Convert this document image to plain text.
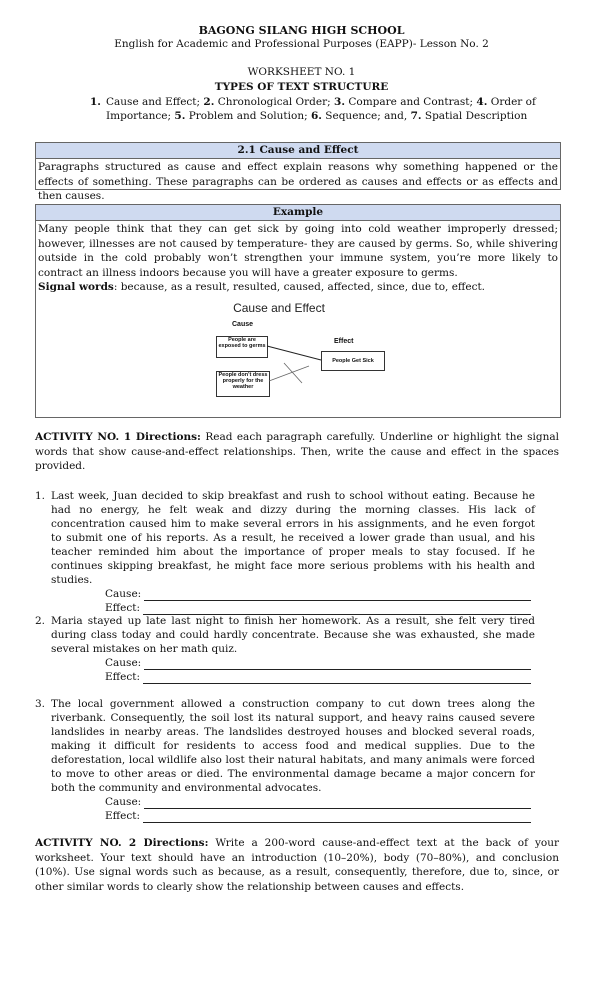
BAGONG SILANG HIGH SCHOOL
English for Academic and Professional Purposes (EAPP)- Lesson No. 2
WORKSHEET NO. 1
TYPES OF TEXT STRUCTURE
1. Cause and Effect; 2. Chronological Order; 3. Compare and Contrast; 4. Order of Importance; 5. Problem and Solution; 6. Sequence; and, 7. Spatial Description
2.1 Cause and Effect
Paragraphs structured as cause and effect explain reasons why something happened or the effects of something. These paragraphs can be ordered as causes and effects or as effects and then causes.
Example
Many people think that they can get sick by going into cold weather improperly dressed; however, illnesses are not caused by temperature- they are caused by germs. So, while shivering outside in the cold probably won’t strengthen your immune system, you’re more likely to contract an illness indoors because you will have a greater exposure to germs.
Signal words: because, as a result, resulted, caused, affected, since, due to, effect.
Cause and Effect
Cause
Effect
People are exposed to germs
People don't dress properly for the weather
People Get Sick
ACTIVITY NO. 1 Directions: Read each paragraph carefully. Underline or highlight the signal words that show cause-and-effect relationships. Then, write the cause and effect in the spaces provided.
1. Last week, Juan decided to skip breakfast and rush to school without eating. Because he had no energy, he felt weak and dizzy during the morning classes. His lack of concentration caused him to make several errors in his assignments, and he even forgot to submit one of his reports. As a result, he received a lower grade than usual, and his teacher reminded him about the importance of proper meals to stay focused. If he continues skipping breakfast, he might face more serious problems with his health and studies.
Cause:
Effect:
2. Maria stayed up late last night to finish her homework. As a result, she felt very tired during class today and could hardly concentrate. Because she was exhausted, she made several mistakes on her math quiz.
Cause:
Effect:
3. The local government allowed a construction company to cut down trees along the riverbank. Consequently, the soil lost its natural support, and heavy rains caused severe landslides in nearby areas. The landslides destroyed houses and blocked several roads, making it difficult for residents to access food and medical supplies. Due to the deforestation, local wildlife also lost their natural habitats, and many animals were forced to move to other areas or died. The environmental damage became a major concern for both the community and environmental advocates.
Cause:
Effect:
ACTIVITY NO. 2 Directions: Write a 200-word cause-and-effect text at the back of your worksheet. Your text should have an introduction (10–20%), body (70–80%), and conclusion (10%). Use signal words such as because, as a result, consequently, therefore, due to, since, or other similar words to clearly show the relationship between causes and effects.
